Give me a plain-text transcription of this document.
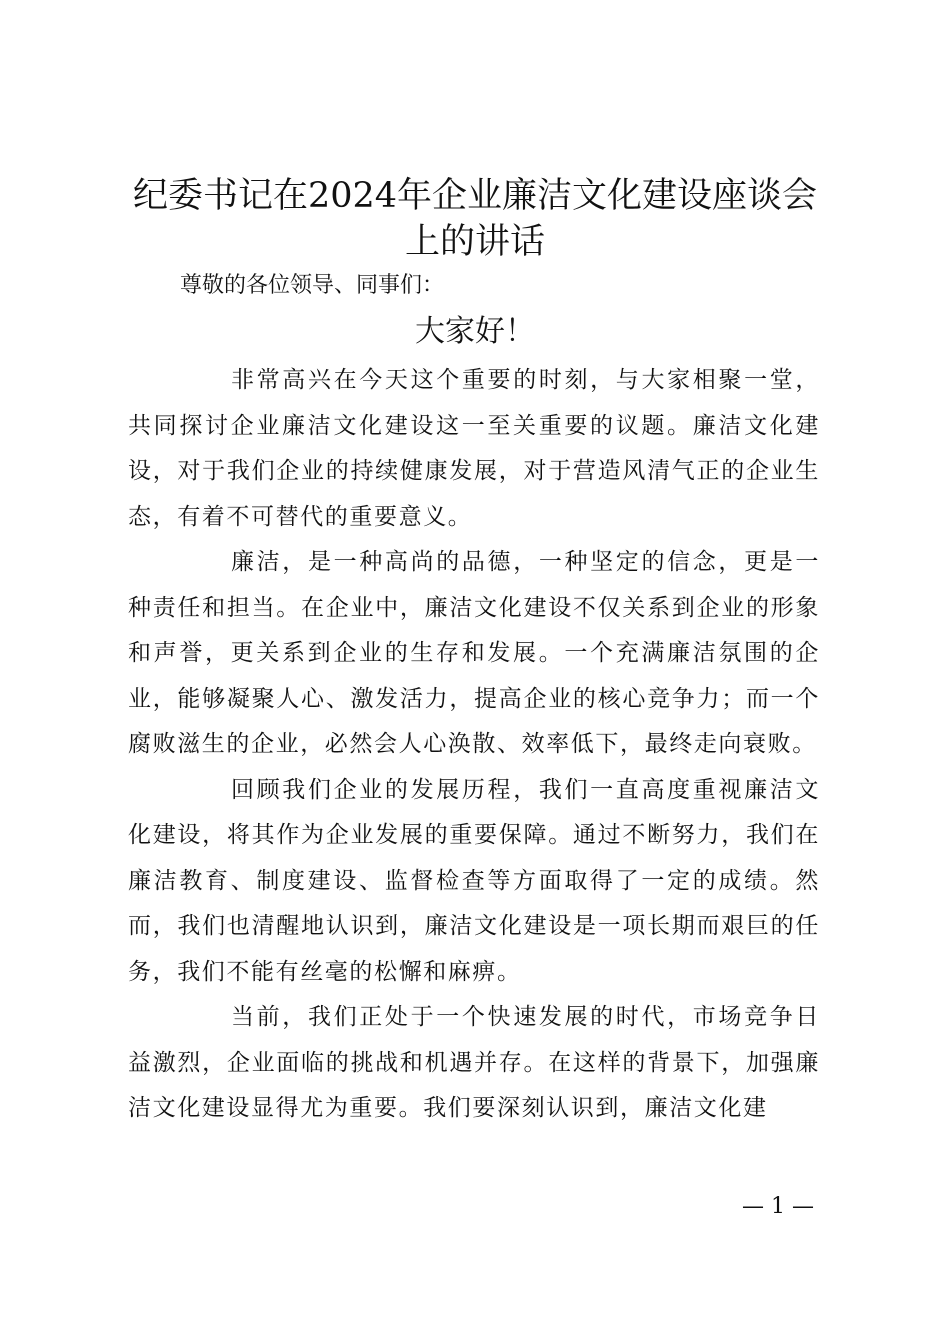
纪委书记在2024年企业廉洁文化建设座谈会
上的讲话

尊敬的各位领导、同事们：

大家好！

非常高兴在今天这个重要的时刻，与大家相聚一堂，共同探讨企业廉洁文化建设这一至关重要的议题。廉洁文化建设，对于我们企业的持续健康发展，对于营造风清气正的企业生态，有着不可替代的重要意义。

廉洁，是一种高尚的品德，一种坚定的信念，更是一种责任和担当。在企业中，廉洁文化建设不仅关系到企业的形象和声誉，更关系到企业的生存和发展。一个充满廉洁氛围的企业，能够凝聚人心、激发活力，提高企业的核心竞争力；而一个腐败滋生的企业，必然会人心涣散、效率低下，最终走向衰败。

回顾我们企业的发展历程，我们一直高度重视廉洁文化建设，将其作为企业发展的重要保障。通过不断努力，我们在廉洁教育、制度建设、监督检查等方面取得了一定的成绩。然而，我们也清醒地认识到，廉洁文化建设是一项长期而艰巨的任务，我们不能有丝毫的松懈和麻痹。

当前，我们正处于一个快速发展的时代，市场竞争日益激烈，企业面临的挑战和机遇并存。在这样的背景下，加强廉洁文化建设显得尤为重要。我们要深刻认识到，廉洁文化建

— 1 —
